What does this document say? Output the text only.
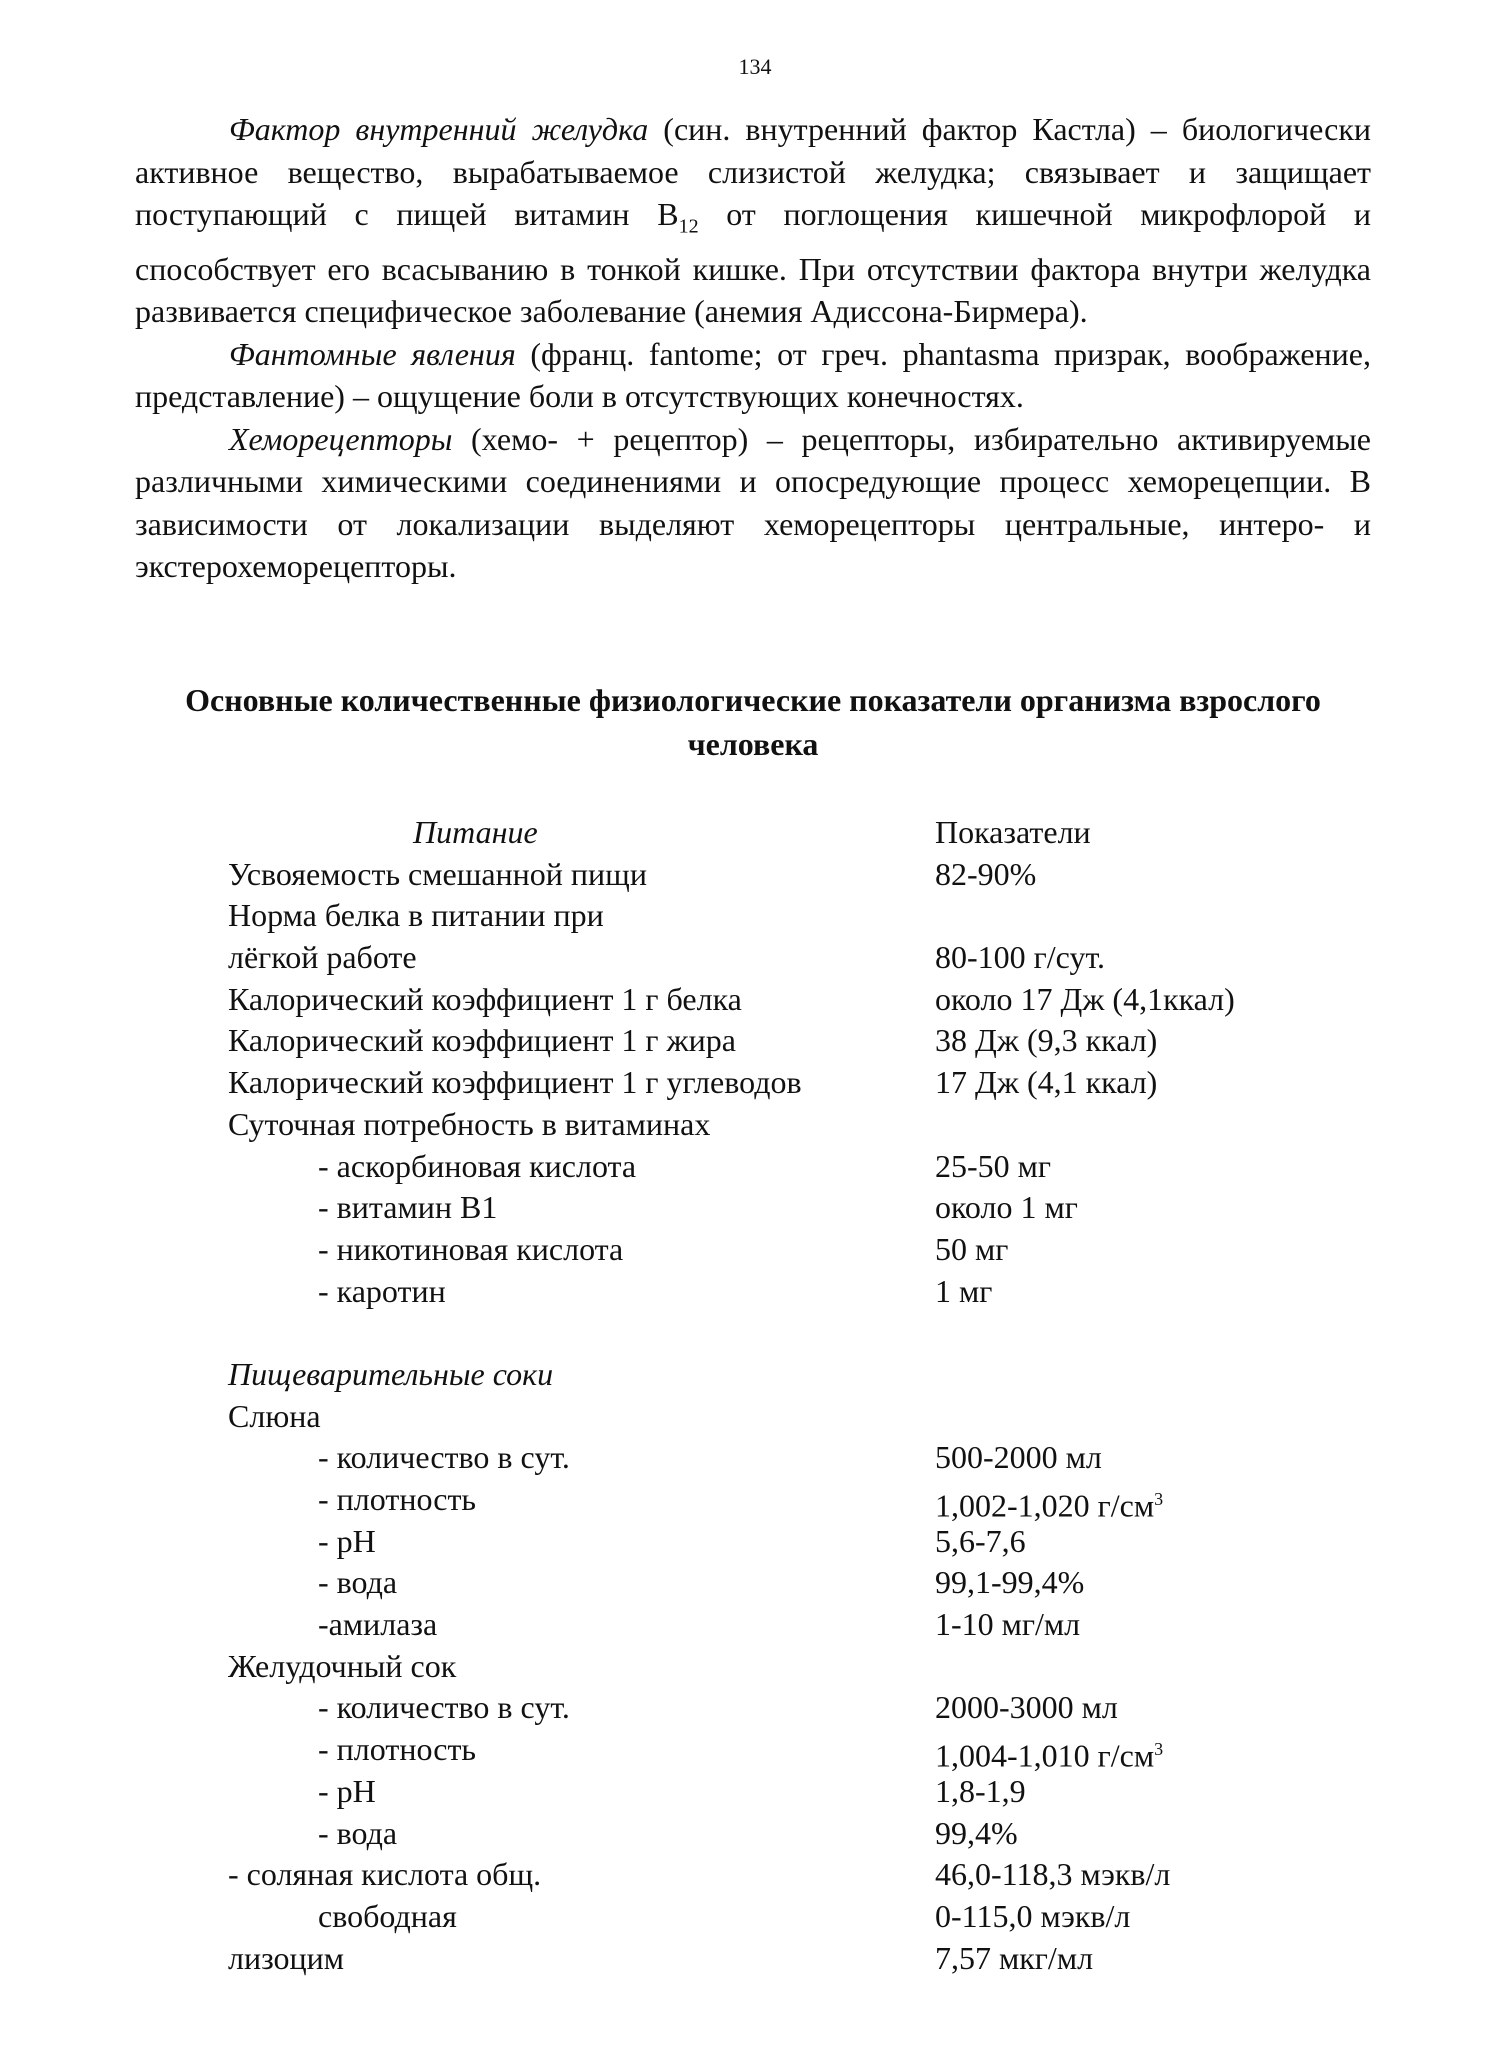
134

Фактор внутренний желудка (син. внутренний фактор Кастла) – биологически активное вещество, вырабатываемое слизистой желудка; связывает и защищает поступающий с пищей витамин $B_{12}$ от поглощения кишечной микрофлорой и способствует его всасыванию в тонкой кишке. При отсутствии фактора внутри желудка развивается специфическое заболевание (анемия Адиссона-Бирмера).

Фантомные явления (франц. fantome; от греч. phantasma призрак, воображение, представление) – ощущение боли в отсутствующих конечностях.

Хеморецепторы (хемо- + рецептор) – рецепторы, избирательно активируемые различными химическими соединениями и опосредующие процесс хеморецепции. В зависимости от локализации выделяют хеморецепторы центральные, интеро- и экстерохеморецепторы.

Основные количественные физиологические показатели организма взрослого человека
Питание	Показатели
Усвояемость смешанной пищи	82-90%
Норма белка в питании при
лёгкой работе	80-100 г/сут.
Калорический коэффициент 1 г белка	около 17 Дж (4,1ккал)
Калорический коэффициент 1 г жира	38 Дж (9,3 ккал)
Калорический коэффициент 1 г углеводов	17 Дж (4,1 ккал)
Суточная потребность в витаминах
- аскорбиновая кислота	25-50 мг
- витамин В1	около 1 мг
- никотиновая кислота	50 мг
- каротин	1 мг
Пищеварительные соки
Слюна
- количество в сут.	500-2000 мл
- плотность	1,002-1,020 $г/см^3$
- рН	5,6-7,6
- вода	99,1-99,4%
-амилаза	1-10 мг/мл
Желудочный сок
- количество в сут.	2000-3000 мл
- плотность	1,004-1,010 $г/см^3$
- рН	1,8-1,9
- вода	99,4%
- соляная кислота общ.	46,0-118,3 мэкв/л
свободная	0-115,0 мэкв/л
лизоцим	7,57 мкг/мл
